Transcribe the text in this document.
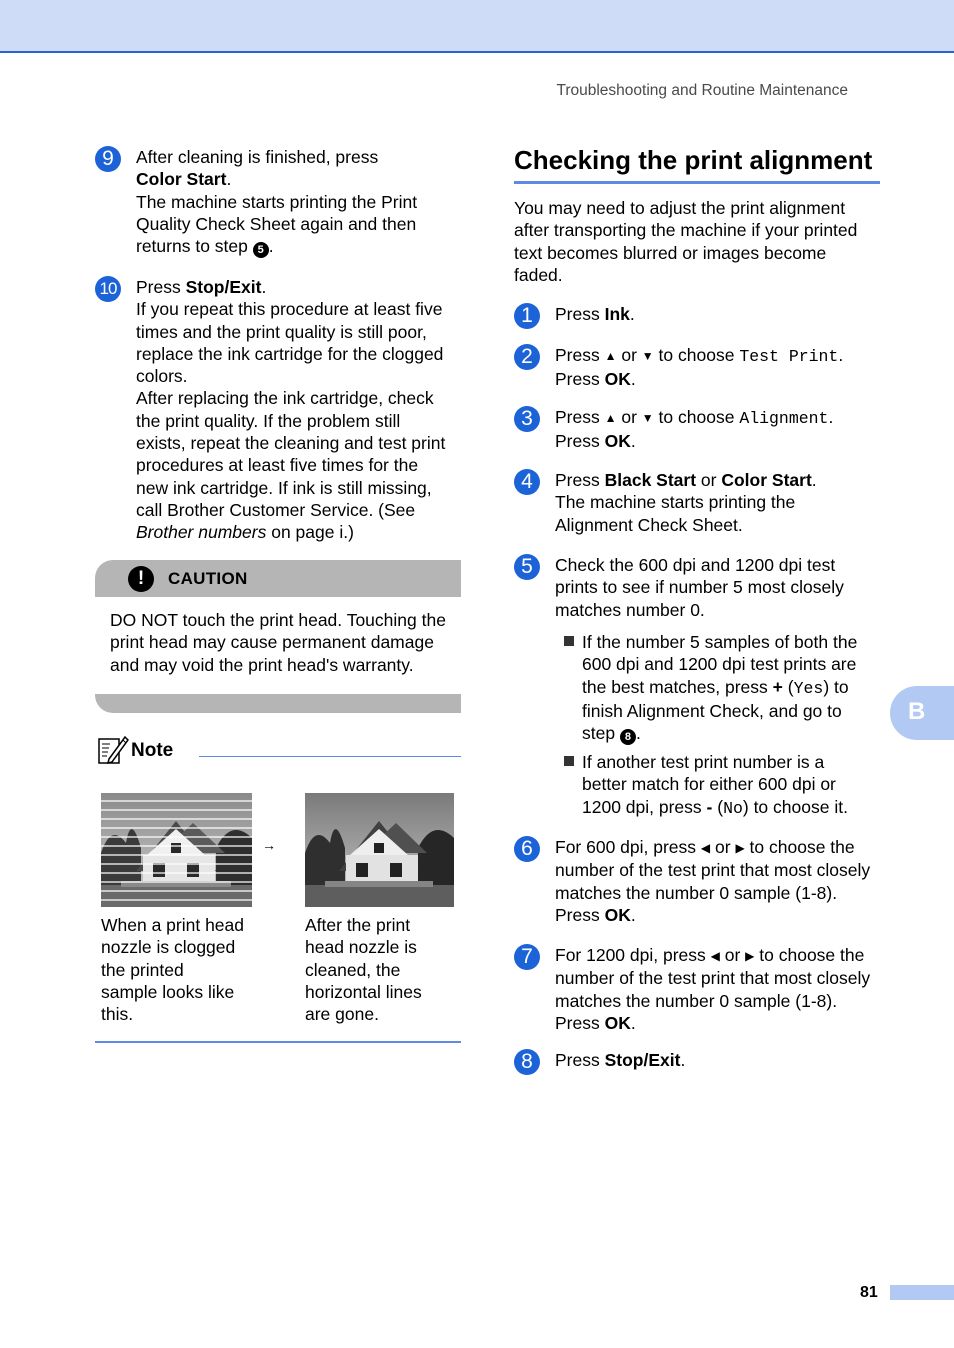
Troubleshooting and Routine Maintenance
B
9	After cleaning is finished, press
Color Start.
The machine starts printing the Print
Quality Check Sheet again and then
returns to step 5 .
10 Press Stop/Exit.
If you repeat this procedure at least five
times and the print quality is still poor,
replace the ink cartridge for the clogged
colors.
After replacing the ink cartridge, check
the print quality. If the problem still
exists, repeat the cleaning and test print
procedures at least five times for the
new ink cartridge. If ink is still missing,
call Brother Customer Service. (See
Brother numbers on page i.)
!	CAUTION
DO NOT touch the print head. Touching the
print head may cause permanent damage
and may void the print head's warranty.
Note
→
When a print head
nozzle is clogged
the printed
sample looks like
this.
After the print
head nozzle is
cleaned, the
horizontal lines
are gone.
Checking the print alignment
You may need to adjust the print alignment
after transporting the machine if your printed
text becomes blurred or images become
faded.
1	Press Ink.
2	Press ▲ or ▼ to choose Test Print.
Press OK.
3	Press ▲ or ▼ to choose Alignment.
Press OK.
4	Press Black Start or Color Start.
The machine starts printing the
Alignment Check Sheet.
5	Check the 600 dpi and 1200 dpi test
prints to see if number 5 most closely
matches number 0.
If the number 5 samples of both the
600 dpi and 1200 dpi test prints are
the best matches, press + (Yes) to
finish Alignment Check, and go to
step 8 .
If another test print number is a
better match for either 600 dpi or
1200 dpi, press - (No) to choose it.
6	For 600 dpi, press ◀ or ▶ to choose the
number of the test print that most closely
matches the number 0 sample (1-8).
Press OK.
7	For 1200 dpi, press ◀ or ▶ to choose the
number of the test print that most closely
matches the number 0 sample (1-8).
Press OK.
8	Press Stop/Exit.
81
